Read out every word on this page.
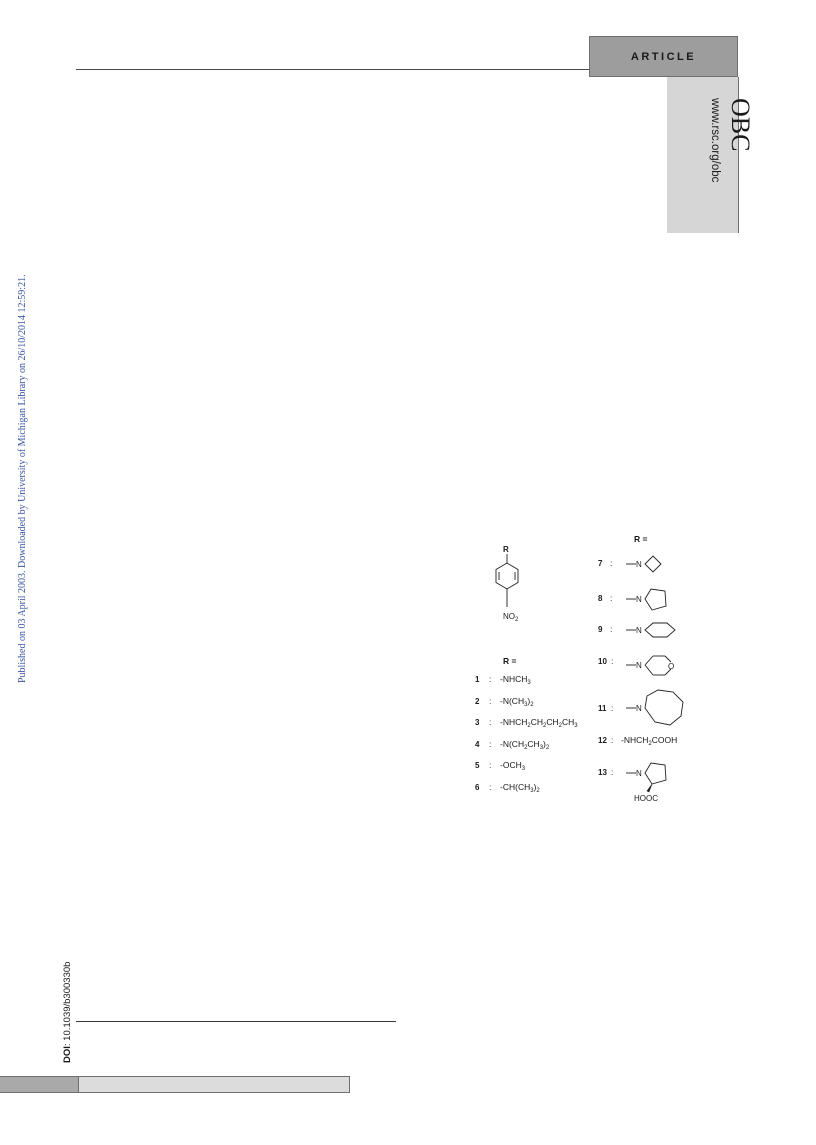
ARTICLE
OBC
www.rsc.org/obc
Published on 03 April 2003. Downloaded by University of Michigan Library on 26/10/2014 12:59:21.
DOI: 10.1039/b300330b
R
$NO_2$
R =
R =
1 : $-NHCH_3$
2 : $-N(CH_3)_2$
3 : $-NHCH_2CH_2CH_2CH_3$
4 : $-N(CH_2CH_3)_2$
5 : $-OCH_3$
6 : $-CH(CH_3)_2$
7 :
8 :
9 :
10 :
11 :
12 : $-NHCH_2COOH$
13 :
N
N
N
N	O
N
N
HOOC
